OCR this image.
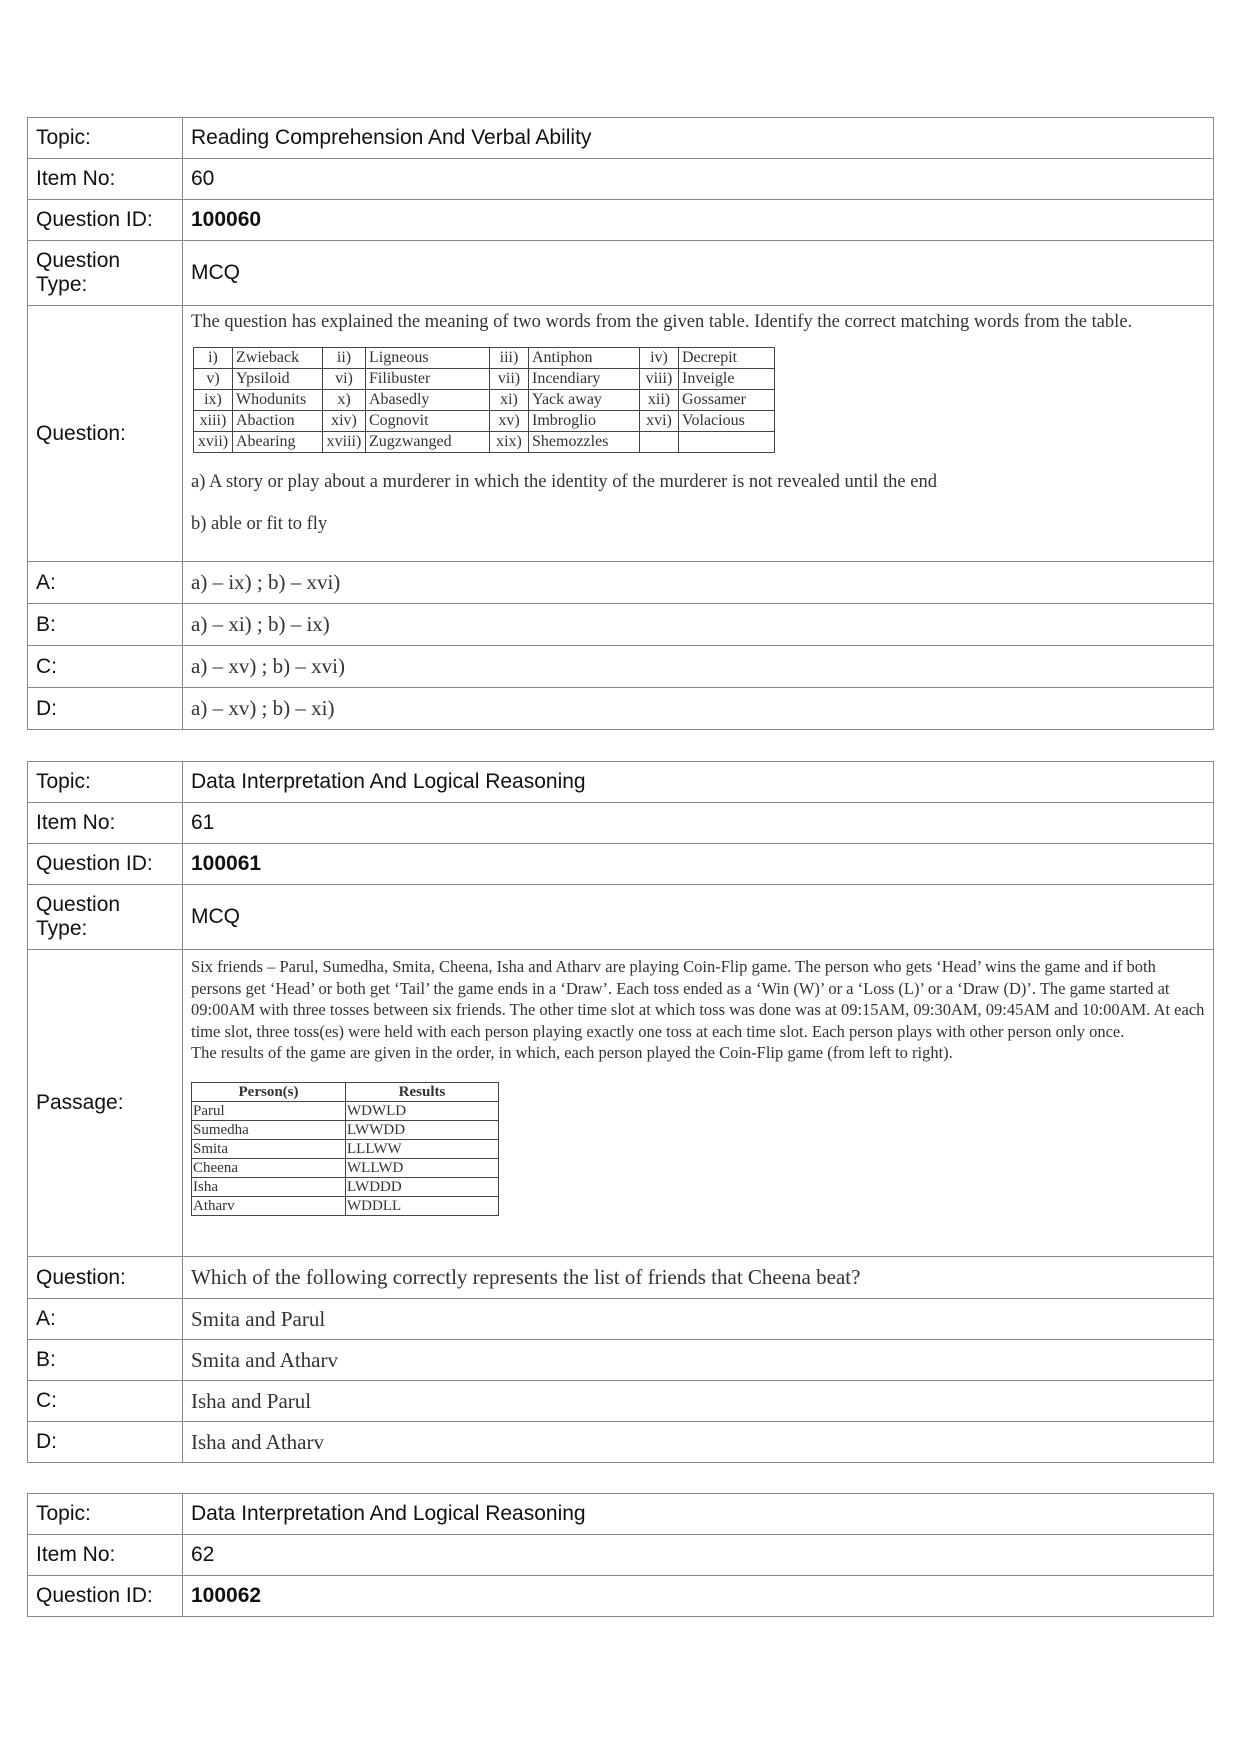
Topic:	Reading Comprehension And Verbal Ability
Item No:	60
Question ID:	100060
Question Type:	MCQ
Question:	
The question has explained the meaning of two words from the given table. Identify the correct matching words from the table.
i)	Zwieback	ii)	Ligneous	iii)	Antiphon	iv)	Decrepit
v)	Ypsiloid	vi)	Filibuster	vii)	Incendiary	viii)	Inveigle
ix)	Whodunits	x)	Abasedly	xi)	Yack away	xii)	Gossamer
xiii)	Abaction	xiv)	Cognovit	xv)	Imbroglio	xvi)	Volacious
xvii)	Abearing	xviii)	Zugzwanged	xix)	Shemozzles		
a) A story or play about a murderer in which the identity of the murderer is not revealed until the end
b) able or fit to fly

A:	a) – ix) ; b) – xvi)
B:	a) – xi) ; b) – ix)
C:	a) – xv) ; b) – xvi)
D:	a) – xv) ; b) – xi)
Topic:	Data Interpretation And Logical Reasoning
Item No:	61
Question ID:	100061
Question Type:	MCQ
Passage:	
Six friends – Parul, Sumedha, Smita, Cheena, Isha and Atharv are playing Coin-Flip game. The person who gets ‘Head’ wins the game and if both persons get ‘Head’ or both get ‘Tail’ the game ends in a ‘Draw’. Each toss ended as a ‘Win (W)’ or a ‘Loss (L)’ or a ‘Draw (D)’. The game started at 09:00AM with three tosses between six friends. The other time slot at which toss was done was at 09:15AM, 09:30AM, 09:45AM and 10:00AM. At each time slot, three toss(es) were held with each person playing exactly one toss at each time slot. Each person plays with other person only once.
The results of the game are given in the order, in which, each person played the Coin-Flip game (from left to right).
Person(s)	Results
Parul	WDWLD
Sumedha	LWWDD
Smita	LLLWW
Cheena	WLLWD
Isha	LWDDD
Atharv	WDDLL

Question:	Which of the following correctly represents the list of friends that Cheena beat?
A:	Smita and Parul
B:	Smita and Atharv
C:	Isha and Parul
D:	Isha and Atharv
Topic:	Data Interpretation And Logical Reasoning
Item No:	62
Question ID:	100062
